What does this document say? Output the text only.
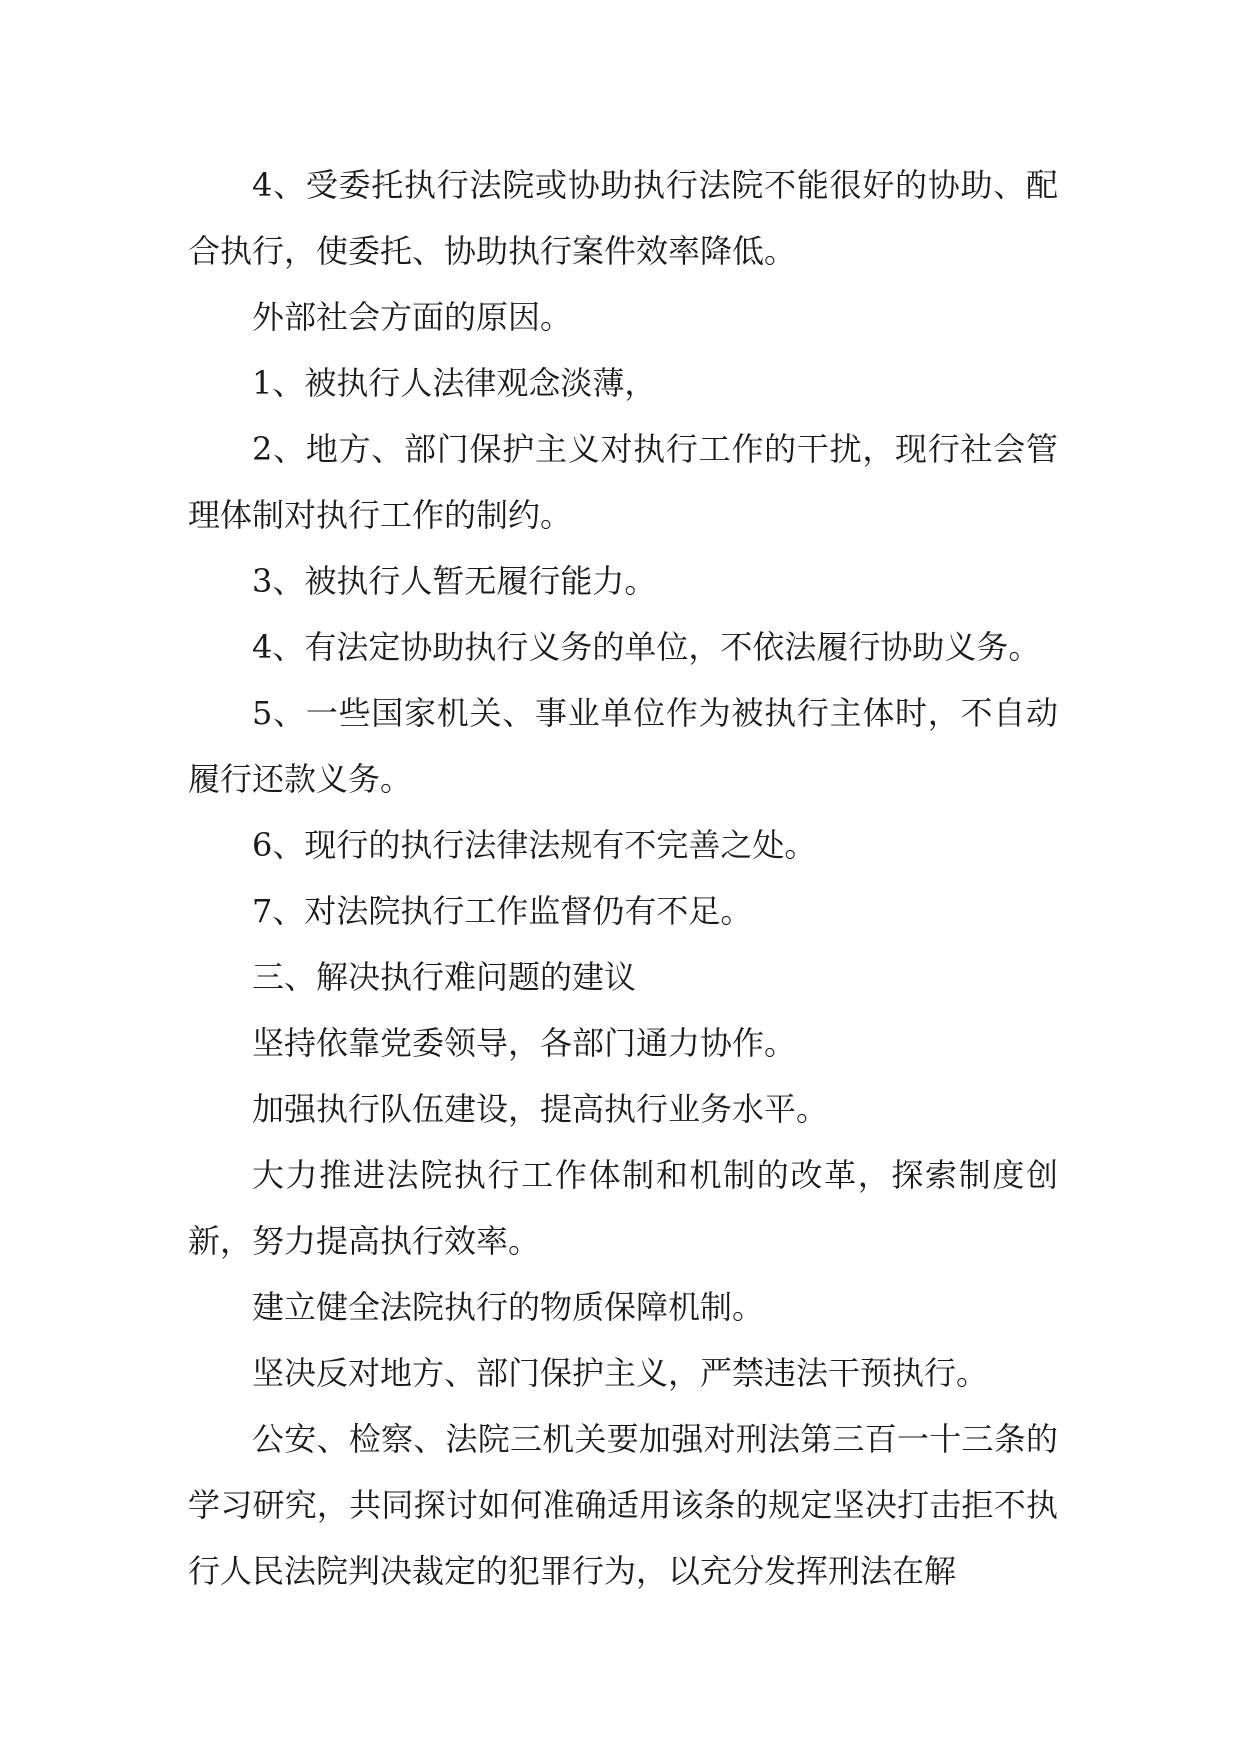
4、受委托执行法院或协助执行法院不能很好的协助、配合执行，使委托、协助执行案件效率降低。

外部社会方面的原因。

1、被执行人法律观念淡薄，

2、地方、部门保护主义对执行工作的干扰，现行社会管理体制对执行工作的制约。

3、被执行人暂无履行能力。

4、有法定协助执行义务的单位，不依法履行协助义务。

5、一些国家机关、事业单位作为被执行主体时，不自动履行还款义务。

6、现行的执行法律法规有不完善之处。

7、对法院执行工作监督仍有不足。

三、解决执行难问题的建议

坚持依靠党委领导，各部门通力协作。

加强执行队伍建设，提高执行业务水平。

大力推进法院执行工作体制和机制的改革，探索制度创新，努力提高执行效率。

建立健全法院执行的物质保障机制。

坚决反对地方、部门保护主义，严禁违法干预执行。

公安、检察、法院三机关要加强对刑法第三百一十三条的学习研究，共同探讨如何准确适用该条的规定坚决打击拒不执行人民法院判决裁定的犯罪行为，以充分发挥刑法在解
